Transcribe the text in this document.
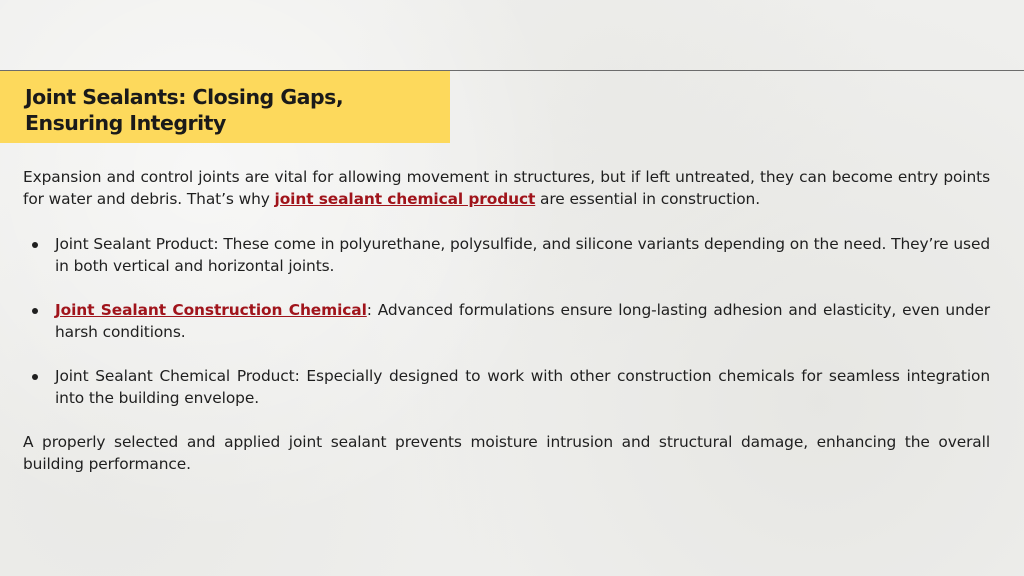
Joint Sealants: Closing Gaps,
Ensuring Integrity

Expansion and control joints are vital for allowing movement in structures, but if left untreated, they can become entry points for water and debris. That’s why joint sealant chemical product are essential in construction.

Joint Sealant Product: These come in polyurethane, polysulfide, and silicone variants depending on the need. They’re used in both vertical and horizontal joints.
Joint Sealant Construction Chemical: Advanced formulations ensure long-lasting adhesion and elasticity, even under harsh conditions.
Joint Sealant Chemical Product: Especially designed to work with other construction chemicals for seamless integration into the building envelope.

A properly selected and applied joint sealant prevents moisture intrusion and structural damage, enhancing the overall building performance.
